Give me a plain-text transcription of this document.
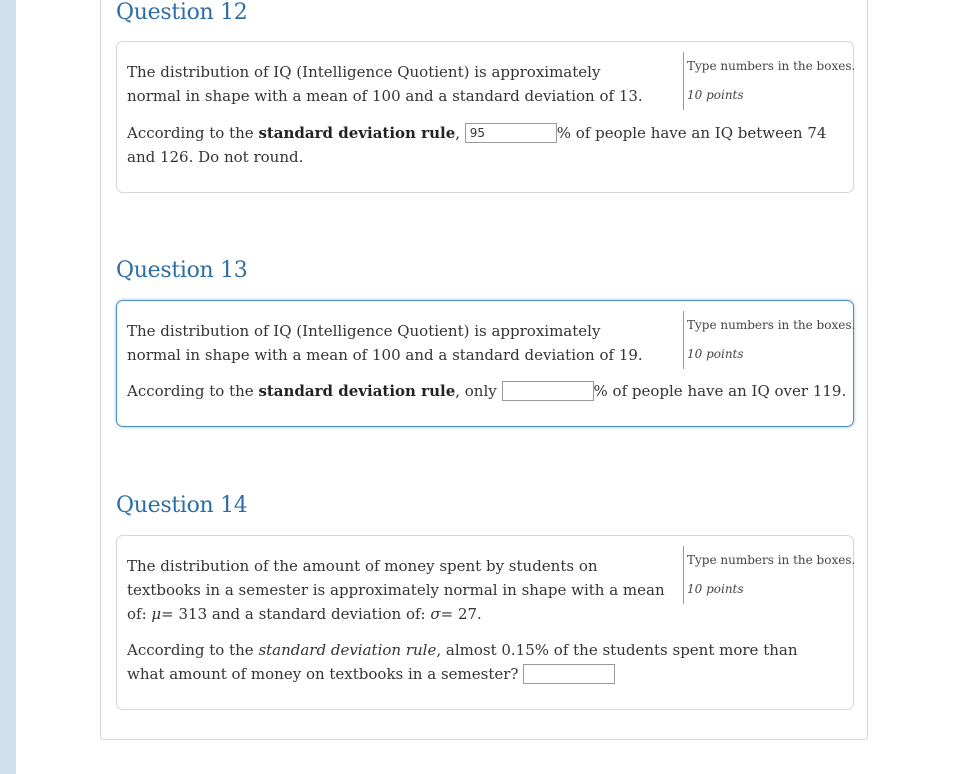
Question 12
The distribution of IQ (Intelligence Quotient) is approximately normal in shape with a mean of 100 and a standard deviation of 13.
Type numbers in the boxes.
10 points
According to the standard deviation rule, 95	% of people have an IQ between 74 and 126. Do not round.
Question 13
The distribution of IQ (Intelligence Quotient) is approximately normal in shape with a mean of 100 and a standard deviation of 19.
Type numbers in the boxes.
10 points
According to the standard deviation rule, only	% of people have an IQ over 119.
Question 14
The distribution of the amount of money spent by students on textbooks in a semester is approximately normal in shape with a mean of: μ= 313 and a standard deviation of: σ= 27.
Type numbers in the boxes.
10 points
According to the standard deviation rule, almost 0.15% of the students spent more than what amount of money on textbooks in a semester?
